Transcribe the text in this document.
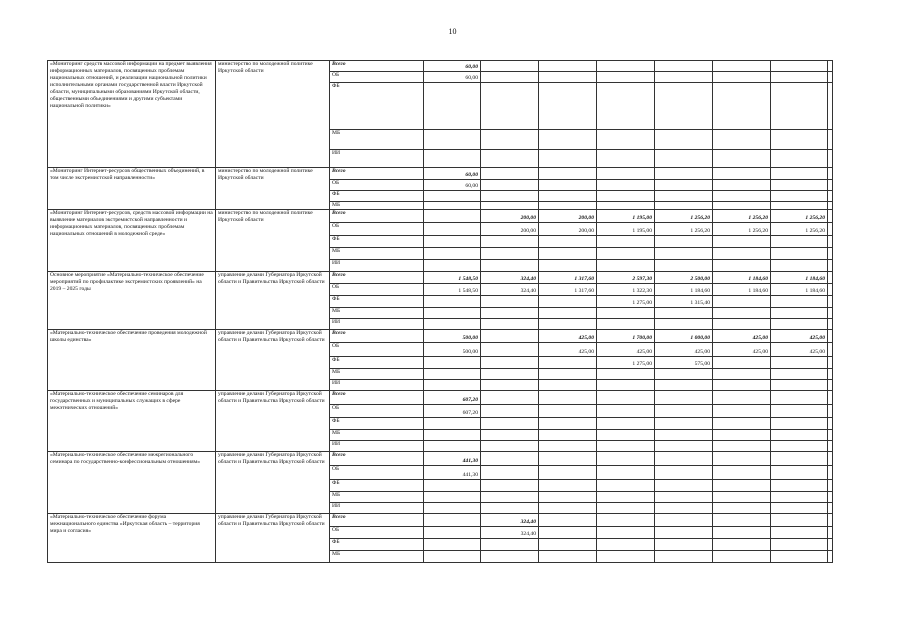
10
«Мониторинг средств массовой информации на предмет выявления информационных материалов, посвященных проблемам национальных отношений, и реализации национальной политики исполнительными органами государственной власти Иркутской области, муниципальными образованиями Иркутской области, общественными объединениями и другими субъектами национальной политики»	министерство по молодежной политике Иркутской области	Всего	60,00							
		ОБ	60,00							
		ФБ								
		МБ								
		ИИ								
«Мониторинг Интернет-ресурсов общественных объединений, в том числе экстремистской направленности»	министерство по молодежной политике Иркутской области	Всего	60,00							
		ОБ	60,00							
		ФБ								
		МБ								
«Мониторинг Интернет-ресурсов, средств массовой информации на выявление материалов экстремистской направленности и информационных материалов, посвященных проблемам национальных отношений в молодежной среде»	министерство по молодежной политике Иркутской области	Всего		200,00	200,00	1 195,00	1 256,20	1 256,20	1 256,20	
		ОБ		200,00	200,00	1 195,00	1 256,20	1 256,20	1 256,20	
		ФБ								
		МБ								
		ИИ								
Основное мероприятие «Материально-техническое обеспечение мероприятий по профилактике экстремистских проявлений» на 2019 – 2025 годы	управление делами Губернатора Иркутской области и Правительства Иркутской области	Всего	1 548,50	324,40	1 317,60	2 597,30	2 500,00	1 184,60	1 184,60	
		ОБ	1 548,50	324,40	1 317,60	1 322,30	1 184,60	1 184,60	1 184,60	
		ФБ				1 275,00	1 315,40			
		МБ								
		ИИ								
«Материально-техническое обеспечение проведения молодежной школы единства»	управление делами Губернатора Иркутской области и Правительства Иркутской области	Всего	500,00		425,00	1 700,00	1 000,00	425,00	425,00	
		ОБ	500,00		425,00	425,00	425,00	425,00	425,00	
		ФБ				1 275,00	575,00			
		МБ								
		ИИ								
«Материально-техническое обеспечение семинаров для государственных и муниципальных служащих в сфере межэтнических отношений»	управление делами Губернатора Иркутской области и Правительства Иркутской области	Всего	607,20							
		ОБ	607,20							
		ФБ								
		МБ								
		ИИ								
«Материально-техническое обеспечение межрегионального семинара по государственно-конфессиональным отношениям»	управление делами Губернатора Иркутской области и Правительства Иркутской области	Всего	441,30							
		ОБ	441,30							
		ФБ								
		МБ								
		ИИ								
«Материально-техническое обеспечение форума межнационального единства «Иркутская область – территория мира и согласия»	управление делами Губернатора Иркутской области и Правительства Иркутской области	Всего		324,40						
		ОБ		324,40						
		ФБ								
		МБ								
